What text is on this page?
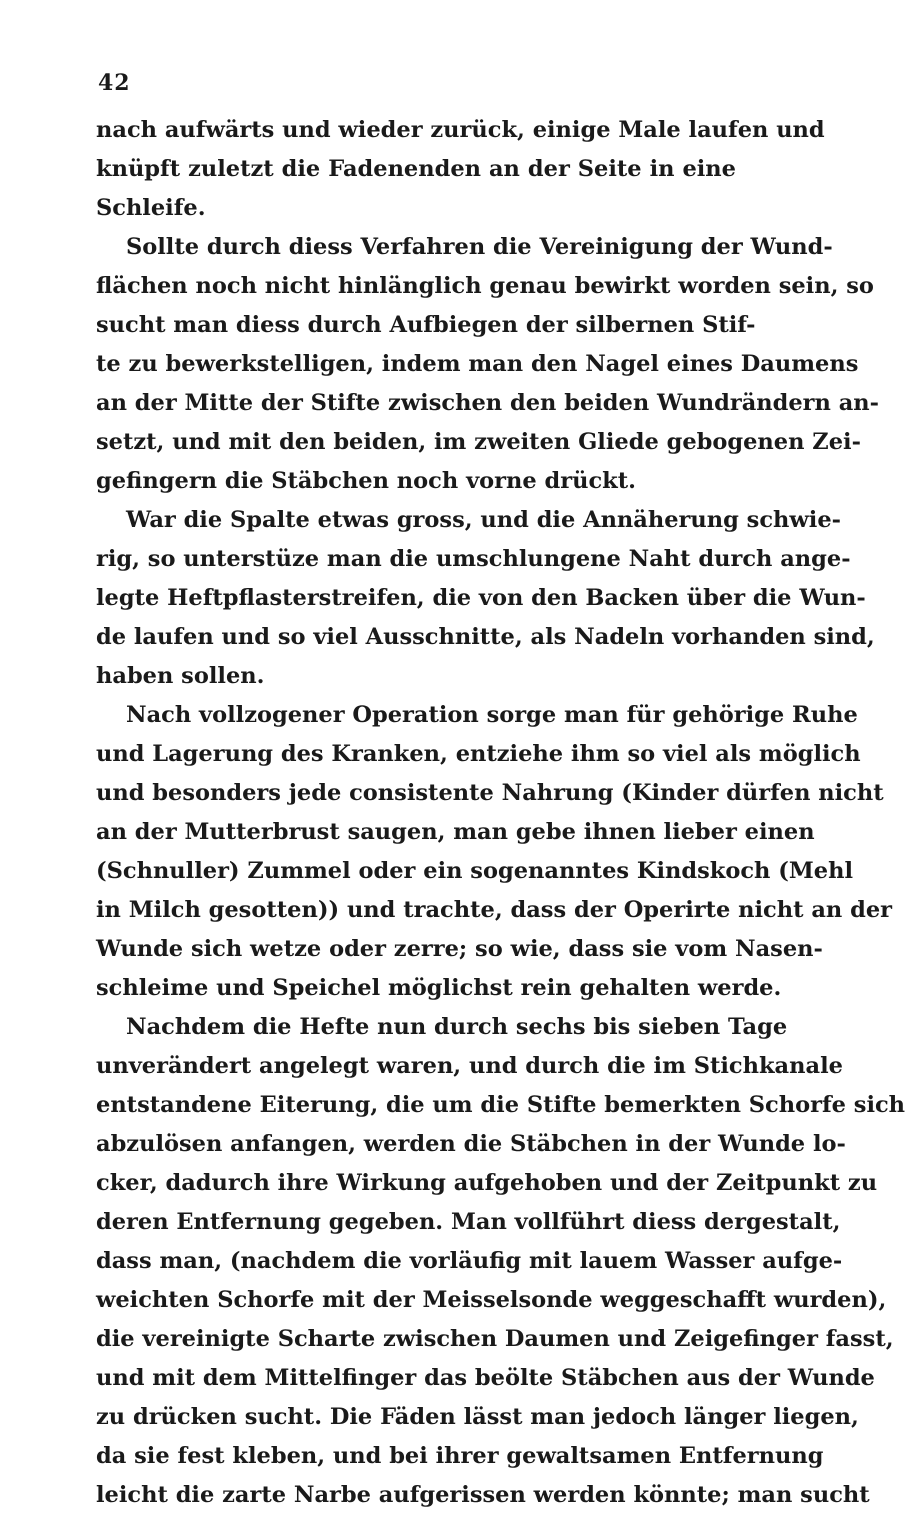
42
nach aufwärts und wieder zurück, einige Male laufen und
knüpft zuletzt die Fadenenden an der Seite in eine
Schleife.
Sollte durch diess Verfahren die Vereinigung der Wund-
flächen noch nicht hinlänglich genau bewirkt worden sein, so
sucht man diess durch Aufbiegen der silbernen Stif-
te zu bewerkstelligen, indem man den Nagel eines Daumens
an der Mitte der Stifte zwischen den beiden Wundrändern an-
setzt, und mit den beiden, im zweiten Gliede gebogenen Zei-
gefingern die Stäbchen noch vorne drückt.
War die Spalte etwas gross, und die Annäherung schwie-
rig, so unterstüze man die umschlungene Naht durch ange-
legte Heftpflasterstreifen, die von den Backen über die Wun-
de laufen und so viel Ausschnitte, als Nadeln vorhanden sind,
haben sollen.
Nach vollzogener Operation sorge man für gehörige Ruhe
und Lagerung des Kranken, entziehe ihm so viel als möglich
und besonders jede consistente Nahrung (Kinder dürfen nicht
an der Mutterbrust saugen, man gebe ihnen lieber einen
(Schnuller) Zummel oder ein sogenanntes Kindskoch (Mehl
in Milch gesotten)) und trachte, dass der Operirte nicht an der
Wunde sich wetze oder zerre; so wie, dass sie vom Nasen-
schleime und Speichel möglichst rein gehalten werde.
Nachdem die Hefte nun durch sechs bis sieben Tage
unverändert angelegt waren, und durch die im Stichkanale
entstandene Eiterung, die um die Stifte bemerkten Schorfe sich
abzulösen anfangen, werden die Stäbchen in der Wunde lo-
cker, dadurch ihre Wirkung aufgehoben und der Zeitpunkt zu
deren Entfernung gegeben. Man vollführt diess dergestalt,
dass man, (nachdem die vorläufig mit lauem Wasser aufge-
weichten Schorfe mit der Meisselsonde weggeschafft wurden),
die vereinigte Scharte zwischen Daumen und Zeigefinger fasst,
und mit dem Mittelfinger das beölte Stäbchen aus der Wunde
zu drücken sucht. Die Fäden lässt man jedoch länger liegen,
da sie fest kleben, und bei ihrer gewaltsamen Entfernung
leicht die zarte Narbe aufgerissen werden könnte; man sucht
